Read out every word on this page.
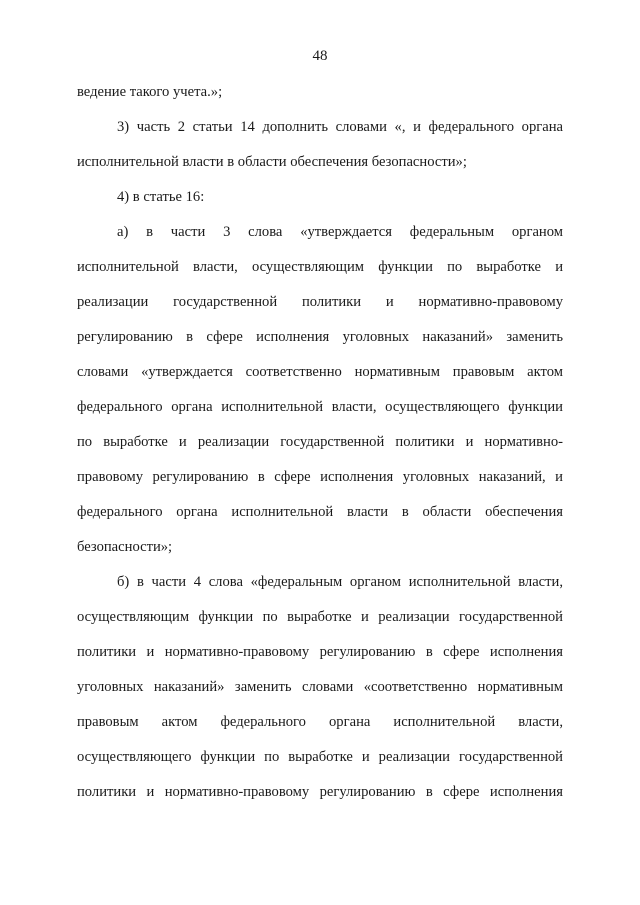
48
ведение такого учета.»;
3) часть 2 статьи 14 дополнить словами «, и федерального органа
исполнительной власти в области обеспечения безопасности»;
4) в статье 16:
а) в части 3 слова «утверждается федеральным органом
исполнительной власти, осуществляющим функции по выработке и
реализации государственной политики и нормативно-правовому
регулированию в сфере исполнения уголовных наказаний» заменить
словами «утверждается соответственно нормативным правовым актом
федерального органа исполнительной власти, осуществляющего функции
по выработке и реализации государственной политики и нормативно-
правовому регулированию в сфере исполнения уголовных наказаний, и
федерального органа исполнительной власти в области обеспечения
безопасности»;
б) в части 4 слова «федеральным органом исполнительной власти,
осуществляющим функции по выработке и реализации государственной
политики и нормативно-правовому регулированию в сфере исполнения
уголовных наказаний» заменить словами «соответственно нормативным
правовым актом федерального органа исполнительной власти,
осуществляющего функции по выработке и реализации государственной
политики и нормативно-правовому регулированию в сфере исполнения
